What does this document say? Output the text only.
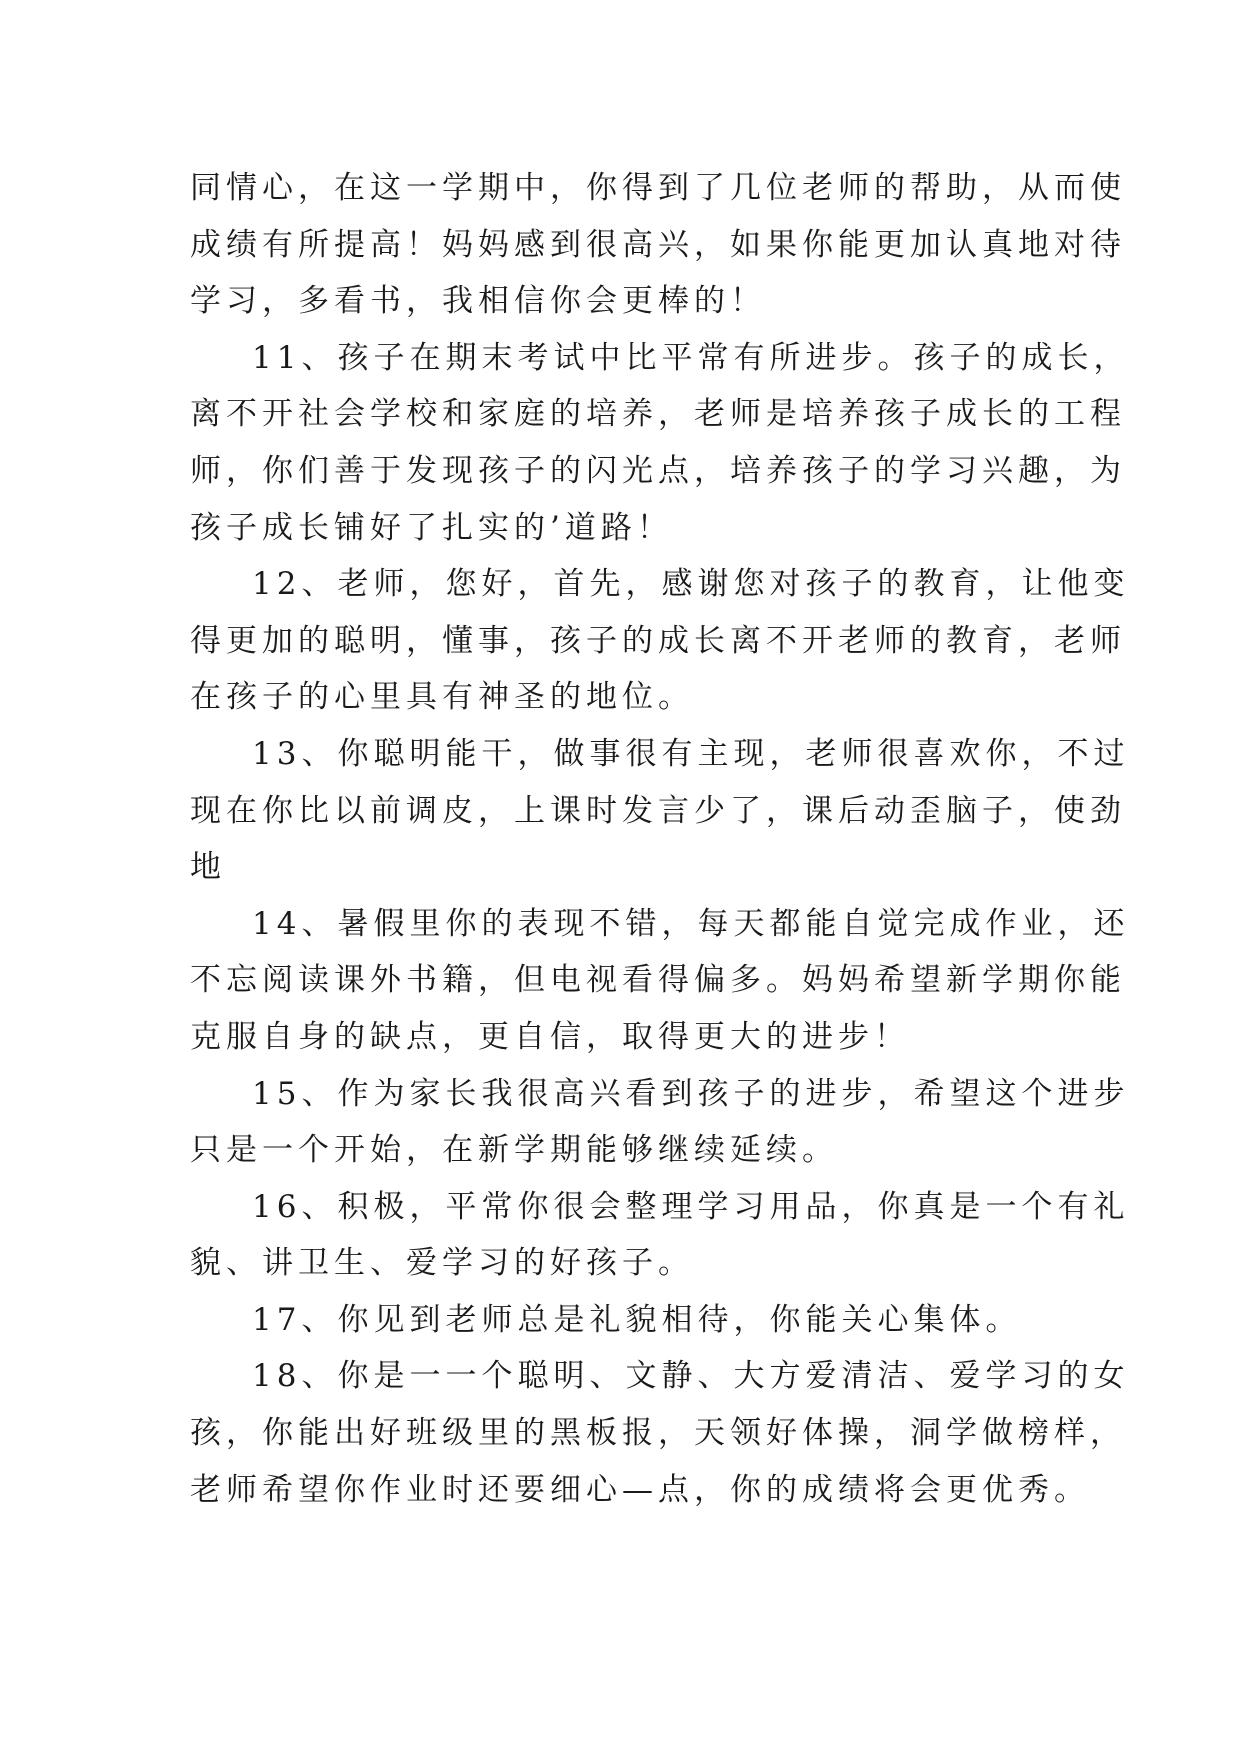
同情心，在这一学期中，你得到了几位老师的帮助，从而使
成绩有所提高！妈妈感到很高兴，如果你能更加认真地对待
学习，多看书，我相信你会更棒的！
11、孩子在期末考试中比平常有所进步。孩子的成长，
离不开社会学校和家庭的培养，老师是培养孩子成长的工程
师，你们善于发现孩子的闪光点，培养孩子的学习兴趣，为
孩子成长铺好了扎实的’道路！
12、老师，您好，首先，感谢您对孩子的教育，让他变
得更加的聪明，懂事，孩子的成长离不开老师的教育，老师
在孩子的心里具有神圣的地位。
13、你聪明能干，做事很有主现，老师很喜欢你，不过
现在你比以前调皮，上课时发言少了，课后动歪脑子，使劲
地
14、暑假里你的表现不错，每天都能自觉完成作业，还
不忘阅读课外书籍，但电视看得偏多。妈妈希望新学期你能
克服自身的缺点，更自信，取得更大的进步！
15、作为家长我很高兴看到孩子的进步，希望这个进步
只是一个开始，在新学期能够继续延续。
16、积极，平常你很会整理学习用品，你真是一个有礼
貌、讲卫生、爱学习的好孩子。
17、你见到老师总是礼貌相待，你能关心集体。
18、你是一一个聪明、文静、大方爱清洁、爱学习的女
孩，你能出好班级里的黑板报，天领好体操，洞学做榜样，
老师希望你作业时还要细心—点，你的成绩将会更优秀。
